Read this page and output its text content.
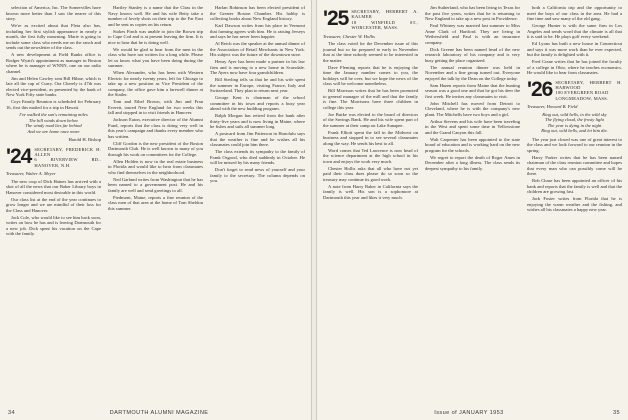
selection of America, Inc. The Somervilles have known more better than I saw the nearer of this story.

We're as excited about that Fleta also has, including her first stylish appearance in nearly a month, the first fully mourning. Marie is going to include some class who needs me on the ranch and sends out the newsletter of the class.

A new development at Field Ranks office is Rodger Wyatt's appointment as manager in Boston where he is manager of WNNN, one on our radio channel.

Jim and Helen Cawley sent Bill Hihne, which is late all the cap of Curry. Ora Cherely is 47th was elected vice-president, as presented by the bank of New York Fifty state banks.

Coys Family Reunion is scheduled for February 16, first this mailed for a trip in Hawaii.

I've walked the sun's remaining miles
The hill winds down below
The windy road lies far behind
And we are home once more
Harold H. Bishop
'24 SECRETARY, FREDERICK H. ALLEN
6 RIVERVIEW RD., HANOVER, N.H.
Treasurer, Walter A. Meyer

The new crop of Dick Haines has arrived with a shot of all the news that our Baker Library boys in Hanover considered most desirable in this world.

Our class list at the end of the year continues to grow longer and we are mindful of their loss for the Class and Hanover.

Jack Cole, who would like to see him back soon, writes on how he has and is leaving Dartmouth for a new job. Dick spent his vacation on the Cape with the family.

Hartley Stanley is a name that the Class in the Navy knows well. He and his wife Betty take a number of lovely shots on their trip to the Far East and he sent us copies on his return.

Stokes Finch was unable to join the Brown trip to Cape Cod and is at present leaving the firm. It is nice to hear that he is doing well.

We would be glad to hear from the men in the class who have not written for a long while. Please let us know what you have been doing during the summer.

When Alexander, who has been with Western Electric for nearly twenty years, left for Chicago to take up a new position as Vice President of the company, the office gave him a farewell dinner at the Statler.

Tom and Ethel Brown, with Jim and Fran Everett, toured New England for two weeks this fall and stopped in to visit friends in Hanover.

Jackson Eaton, executive director of the Alumni Fund, reports that the class is doing very well in this year's campaign and thanks every member who has written.

Cliff Gordon is the new president of the Boston Dartmouth Club. He is well known to many of you through his work on committees for the College.

Allen Holden is now in the real estate business in Florida and would like to hear from classmates who find themselves in the neighborhood.

Ned Garland writes from Washington that he has been named to a government post. He and his family are well and send greetings to all.

Piedmont, Maine, reports a fine reunion of the class men of that area at the home of Tom Sheldon this summer.

Harlan Robinson has been elected president of the Greater Boston Chamber. His hobby is collecting books about New England history.

Karl Dawson writes from his place in Vermont that farming agrees with him. He is raising Jerseys and says he has never been happier.

Al Reich was the speaker at the annual dinner of the Association of Retail Merchants in New York. His subject was the future of the downtown store.

Henry Ayer has been made a partner in his law firm and is moving to a new home in Scarsdale. The Ayers now have four grandchildren.

Bill Sterling tells us that he and his wife spent the summer in Europe, visiting France, Italy and Switzerland. They plan to return next year.

George Kent is chairman of the school committee in his town and reports a busy year ahead with the new building program.

Ralph Morgan has retired from the bank after thirty-five years and is now living in Maine, where he fishes and sails all summer long.

A postcard from Jim Patterson in Honolulu says that the weather is fine and he wishes all his classmates could join him there.

The class extends its sympathy to the family of Frank Osgood, who died suddenly in October. He will be missed by his many friends.

Don't forget to send news of yourself and your family to the secretary. The column depends on you.

34	DARTMOUTH ALUMNI MAGAZINE
'25 SECRETARY, HERBERT A. KALMER
18 WINFIELD ST., WORCESTER, MASS.
Treasurer, Chester W. Hollis

The class voted for the December issue of this journal but so far prepared to early in November that at the time nobody seemed to be interested in the matter.

Dave Fleming reports that he is enjoying the time the January number comes to you, the holidays will be over, but we hope the news of the class will be welcome nonetheless.

Bill Morrison writes that he has been promoted to general manager of the mill and that the family is fine. The Morrisons have three children in college this year.

Joe Burke was elected to the board of directors of the Savings Bank. He and his wife spent part of the summer at their camp on Lake Sunapee.

Frank Elliott spent the fall in the Midwest on business and stopped in to see several classmates along the way. He sends his best to all.

Word comes that Ted Lawrence is now head of the science department at the high school in his town and enjoys the work very much.

Chester Hollis asks that all who have not yet paid their class dues please do so soon so the treasury may continue its good work.

A note from Harry Baker in California says the family is well. His son is a sophomore at Dartmouth this year and likes it very much.

Jim Sutherland, who has been living in Texas for the past five years, writes that he is returning to New England to take up a new post in Providence.

Paul Whitney was married last summer to Miss Anne Clark of Hartford. They are living in Wethersfield and Paul is with an insurance company.

Dick Greene has been named head of the new research laboratory of his company and is very busy getting the place organized.

The annual reunion dinner was held in November and a fine group turned out. Everyone enjoyed the talk by the Dean on the College today.

Sam Hazen reports from Maine that the hunting season was a good one and that he got his deer the first week. He invites any classmates to visit.

John Mitchell has moved from Detroit to Cleveland, where he is with the company's new plant. The Mitchells have two boys and a girl.

Arthur Stevens and his wife have been traveling in the West and spent some time in Yellowstone and the Grand Canyon this fall.

Walt Carpenter has been appointed to the state board of education and is working hard on the new program for the schools.

We regret to report the death of Roger Ames in December after a long illness. The class sends its deepest sympathy to his family.

both a California trip and the opportunity to meet the boys of our class in the area. He had a fine time and saw many of the old gang.

George Hunter is with the same firm in Los Angeles and sends word that the climate is all that it is said to be. He plays golf every weekend.

Ed Lyons has built a new house in Connecticut and says it was more work than he ever expected, but the family is delighted with it.

Fred Crane writes that he has joined the faculty of a college in Ohio, where he teaches economics. He would like to hear from classmates.

'26 SECRETARY, HERBERT H. HARWOOD
100 EVERGREEN ROAD
LONGMEADOW, MASS.
Treasurer, Howard B. Field
Ring out, wild bells, to the wild sky
The flying cloud, the frosty light
The year is dying in the night
Ring out, wild bells, and let him die.

The year just closed was one of great interest to the class and we look forward to our reunion in the spring.

Harry Parker writes that he has been named chairman of the class reunion committee and hopes that every man who can possibly come will be there.

Bob Chase has been appointed an officer of his bank and reports that the family is well and that the children are growing fast.

Jack Foster writes from Florida that he is enjoying the warm weather and the fishing, and wishes all his classmates a happy new year.

Issue of JANUARY 1953	35
